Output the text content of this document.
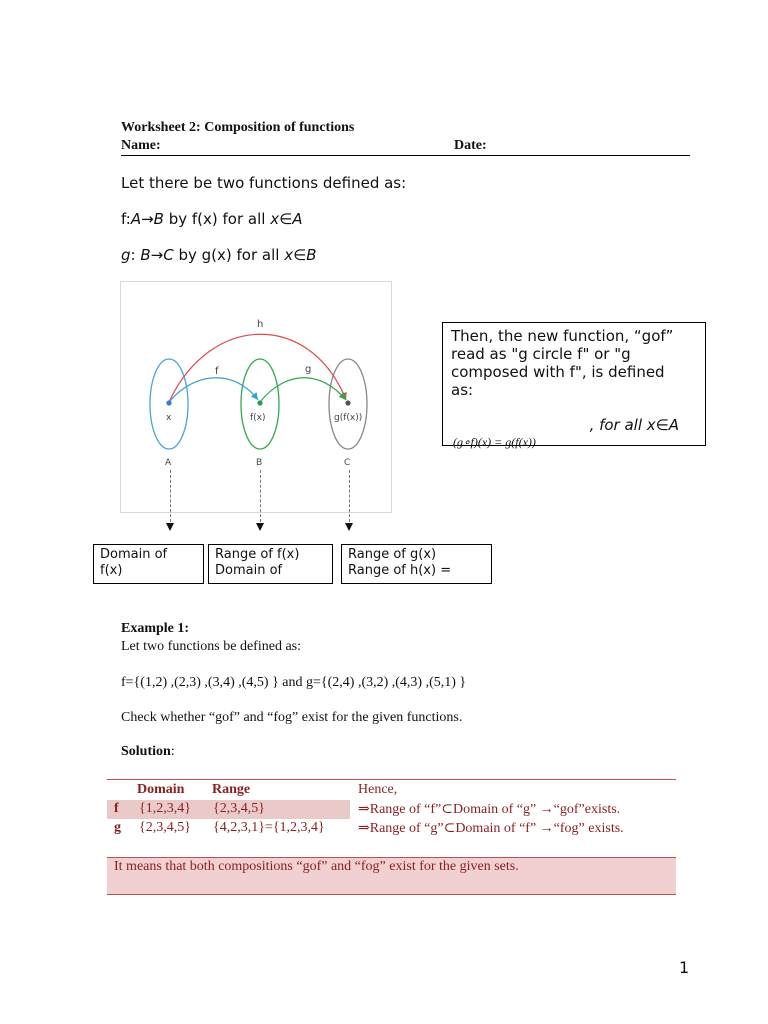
Worksheet 2: Composition of functions
Name:	Date:
Let there be two functions defined as:
f:A→B by f(x) for all x∈A
g: B→C by g(x) for all x∈B
h
f	g
x	f(x)	g(f(x))
A	B	C
Then, the new function, “gof”
read as "g circle f" or "g
composed with f", is defined
as:
, for all x∈A
(g∘f)(x) = g(f(x))
Domain of
f(x)
Range of f(x)
Domain of
Range of g(x)
Range of h(x) =
Example 1:
Let two functions be defined as:
f={(1,2) ,(2,3) ,(3,4) ,(4,5) } and g={(2,4) ,(3,2) ,(4,3) ,(5,1) }
Check whether “gof” and “fog” exist for the given functions.
Solution:
Domain Range	Hence,
f {1,2,3,4} {2,3,4,5}	⇒Range of “f”⊂Domain of “g” →“gof”exists.
g {2,3,4,5} {4,2,3,1}={1,2,3,4} ⇒Range of “g”⊂Domain of “f” →“fog” exists.
It means that both compositions “gof” and “fog” exist for the given sets.
1
